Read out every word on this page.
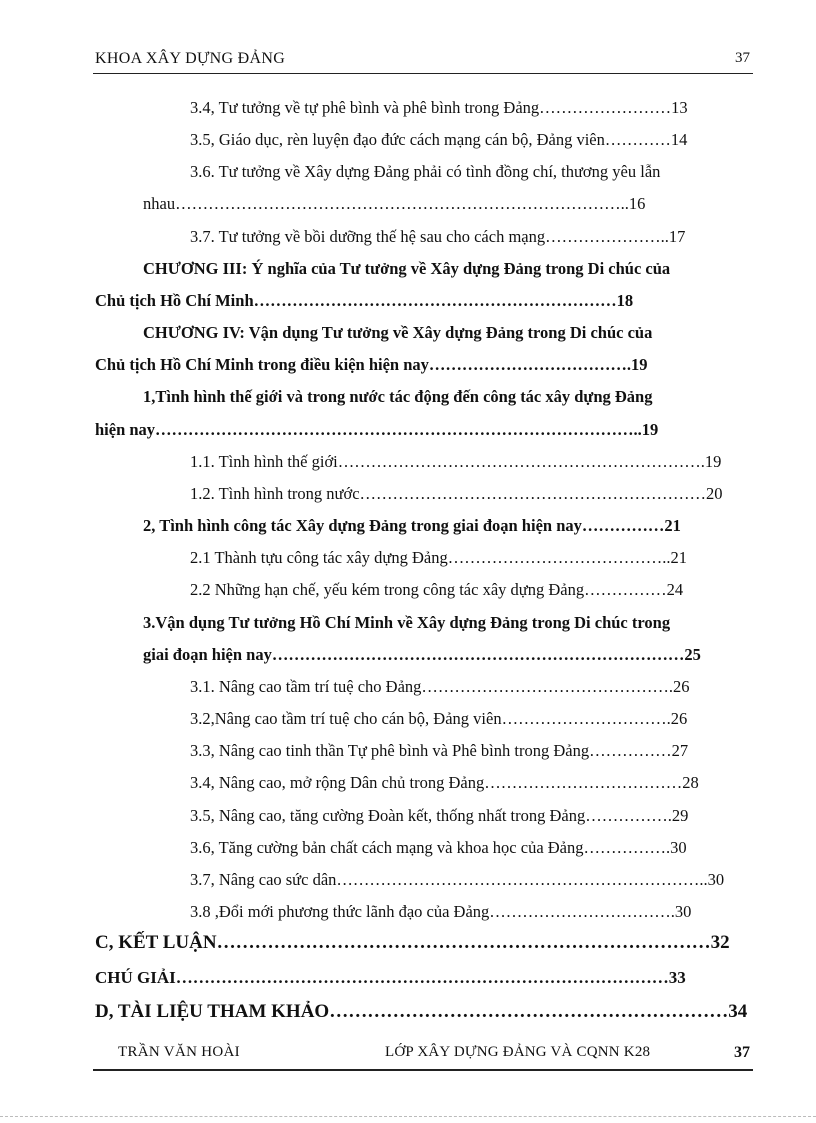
KHOA XÂY DỰNG ĐẢNG	37
3.4, Tư tưởng về tự phê bình và phê bình trong Đảng……………………13
3.5, Giáo dục, rèn luyện đạo đức cách mạng cán bộ, Đảng viên…………14
3.6. Tư tưởng về Xây dựng Đảng phải có tình đồng chí, thương yêu lẫn
nhau………………………………………………………………………..16
3.7. Tư tưởng về bồi dưỡng thế hệ sau cho cách mạng…………………..17
CHƯƠNG III: Ý nghĩa của Tư tưởng về Xây dựng Đảng trong Di chúc của
Chủ tịch Hồ Chí Minh…………………………………………………………18
CHƯƠNG IV: Vận dụng Tư tưởng về Xây dựng Đảng trong Di chúc của
Chủ tịch Hồ Chí Minh trong điều kiện hiện nay……………………………….19
1,Tình hình thế giới và trong nước tác động đến công tác xây dựng Đảng
hiện nay……………………………………………………………………………..19
1.1. Tình hình thế giới………………………………………………………….19
1.2. Tình hình trong nước………………………………………………………20
2, Tình hình công tác Xây dựng Đảng trong giai đoạn hiện nay……………21
2.1 Thành tựu công tác xây dựng Đảng…………………………………..21
2.2 Những hạn chế, yếu kém trong công tác xây dựng Đảng……………24
3.Vận dụng Tư tưởng Hồ Chí Minh về Xây dựng Đảng trong Di chúc trong
giai đoạn hiện nay…………………………………………………………………25
3.1. Nâng cao tầm trí tuệ cho Đảng……………………………………….26
3.2,Nâng cao tầm trí tuệ cho cán bộ, Đảng viên………………………….26
3.3, Nâng cao tinh thần Tự phê bình và Phê bình trong Đảng……………27
3.4, Nâng cao, mở rộng Dân chủ trong Đảng………………………………28
3.5, Nâng cao, tăng cường Đoàn kết, thống nhất trong Đảng…………….29
3.6, Tăng cường bản chất cách mạng và khoa học của Đảng…………….30
3.7, Nâng cao sức dân…………………………………………………………..30
3.8 ,Đổi mới phương thức lãnh đạo của Đảng…………………………….30
C, KẾT LUẬN……………………………………………………………………32
CHÚ GIẢI……………………………………………………………………………33
D, TÀI LIỆU THAM KHẢO………………………………………………………34
TRẦN VĂN HOÀI	LỚP XÂY DỰNG ĐẢNG VÀ CQNN K28	37
